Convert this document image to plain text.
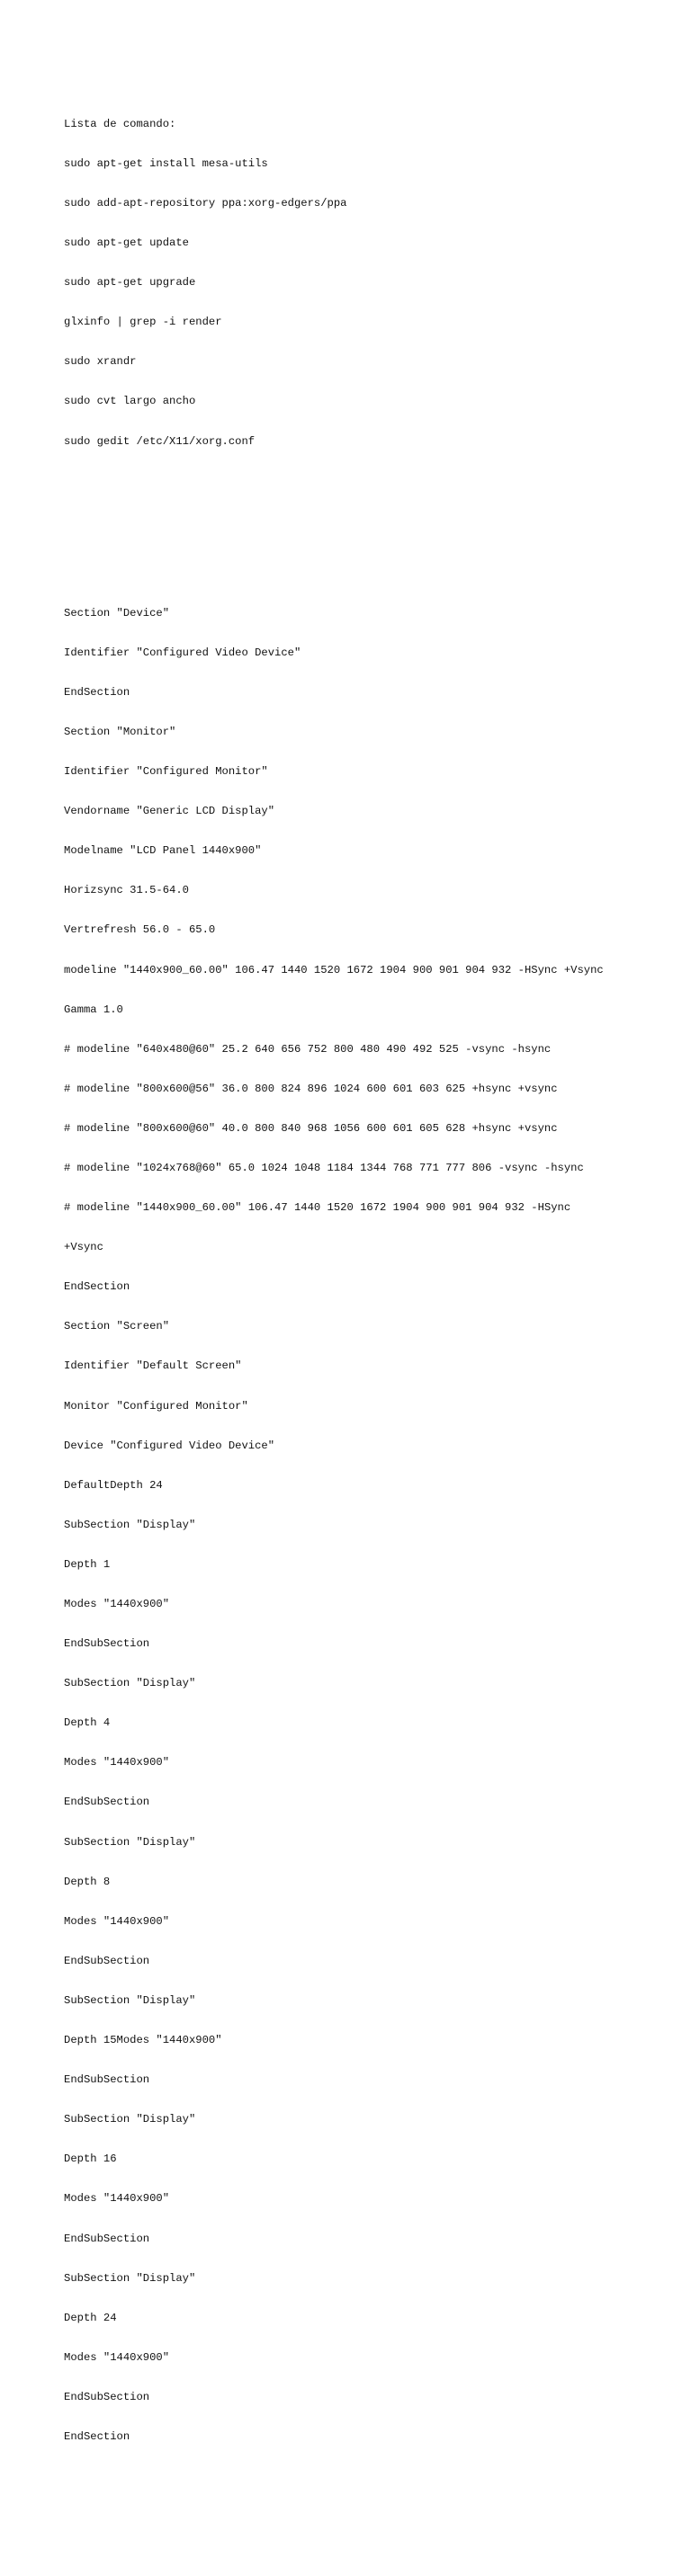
Lista de comando:

sudo apt-get install mesa-utils

sudo add-apt-repository ppa:xorg-edgers/ppa

sudo apt-get update

sudo apt-get upgrade

glxinfo | grep -i render

sudo xrandr

sudo cvt largo ancho

sudo gedit /etc/X11/xorg.conf

Section "Device"

Identifier "Configured Video Device"

EndSection

Section "Monitor"

Identifier "Configured Monitor"

Vendorname "Generic LCD Display"

Modelname "LCD Panel 1440x900"

Horizsync 31.5-64.0

Vertrefresh 56.0 - 65.0

modeline "1440x900_60.00" 106.47 1440 1520 1672 1904 900 901 904 932 -HSync +Vsync

Gamma 1.0

# modeline "640x480@60" 25.2 640 656 752 800 480 490 492 525 -vsync -hsync

# modeline "800x600@56" 36.0 800 824 896 1024 600 601 603 625 +hsync +vsync

# modeline "800x600@60" 40.0 800 840 968 1056 600 601 605 628 +hsync +vsync

# modeline "1024x768@60" 65.0 1024 1048 1184 1344 768 771 777 806 -vsync -hsync

# modeline "1440x900_60.00" 106.47 1440 1520 1672 1904 900 901 904 932 -HSync

+Vsync

EndSection

Section "Screen"

Identifier "Default Screen"

Monitor "Configured Monitor"

Device "Configured Video Device"

DefaultDepth 24

SubSection "Display"

Depth 1

Modes "1440x900"

EndSubSection

SubSection "Display"

Depth 4

Modes "1440x900"

EndSubSection

SubSection "Display"

Depth 8

Modes "1440x900"

EndSubSection

SubSection "Display"

Depth 15Modes "1440x900"

EndSubSection

SubSection "Display"

Depth 16

Modes "1440x900"

EndSubSection

SubSection "Display"

Depth 24

Modes "1440x900"

EndSubSection

EndSection
